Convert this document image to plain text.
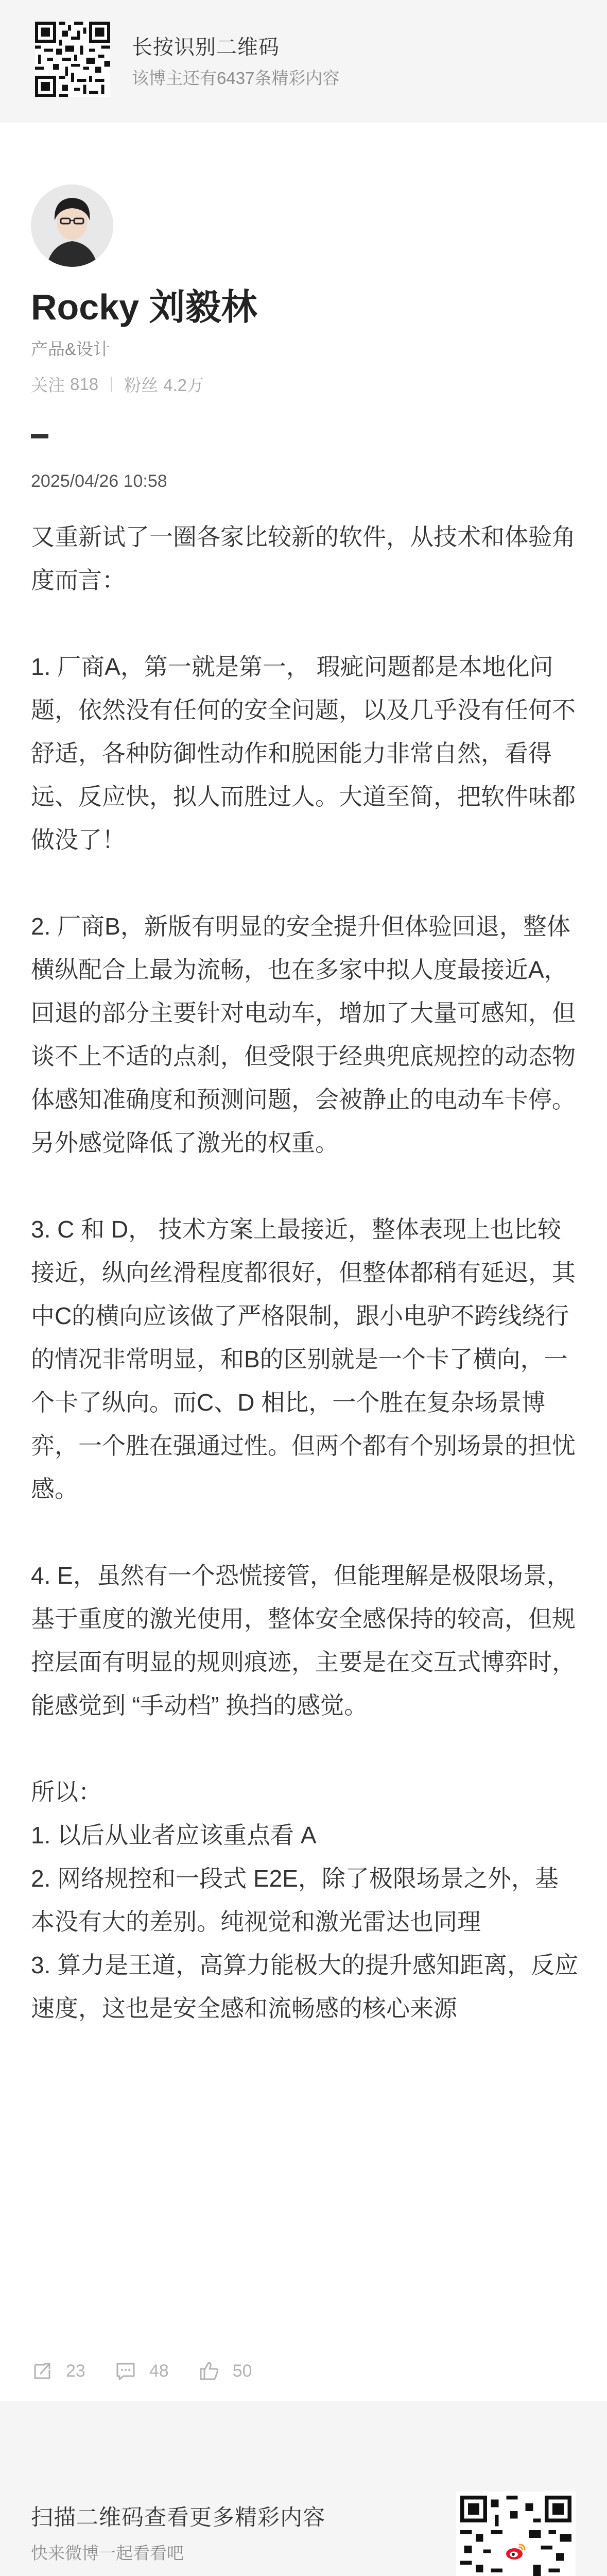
长按识别二维码
该博主还有6437条精彩内容
Rocky 刘毅林
产品&设计
关注 818 粉丝 4.2万
2025/04/26 10:58

又重新试了一圈各家比较新的软件，从技术和体验角度而言：

1. 厂商A，第一就是第一， 瑕疵问题都是本地化问题，依然没有任何的安全问题，以及几乎没有任何不舒适，各种防御性动作和脱困能力非常自然，看得远、反应快，拟人而胜过人。大道至简，把软件味都做没了！

2. 厂商B，新版有明显的安全提升但体验回退，整体横纵配合上最为流畅，也在多家中拟人度最接近A，回退的部分主要针对电动车，增加了大量可感知，但谈不上不适的点刹，但受限于经典兜底规控的动态物体感知准确度和预测问题，会被静止的电动车卡停。另外感觉降低了激光的权重。

3. C 和 D， 技术方案上最接近，整体表现上也比较接近，纵向丝滑程度都很好，但整体都稍有延迟，其中C的横向应该做了严格限制，跟小电驴不跨线绕行的情况非常明显，和B的区别就是一个卡了横向，一个卡了纵向。而C、D 相比，一个胜在复杂场景博弈，一个胜在强通过性。但两个都有个别场景的担忧感。

4. E，虽然有一个恐慌接管，但能理解是极限场景，基于重度的激光使用，整体安全感保持的较高，但规控层面有明显的规则痕迹，主要是在交互式博弈时，能感觉到 “手动档” 换挡的感觉。

所以：

1. 以后从业者应该重点看 A

2. 网络规控和一段式 E2E，除了极限场景之外，基本没有大的差别。纯视觉和激光雷达也同理

3. 算力是王道，高算力能极大的提升感知距离，反应速度，这也是安全感和流畅感的核心来源

23	48	50
扫描二维码查看更多精彩内容
快来微博一起看看吧
